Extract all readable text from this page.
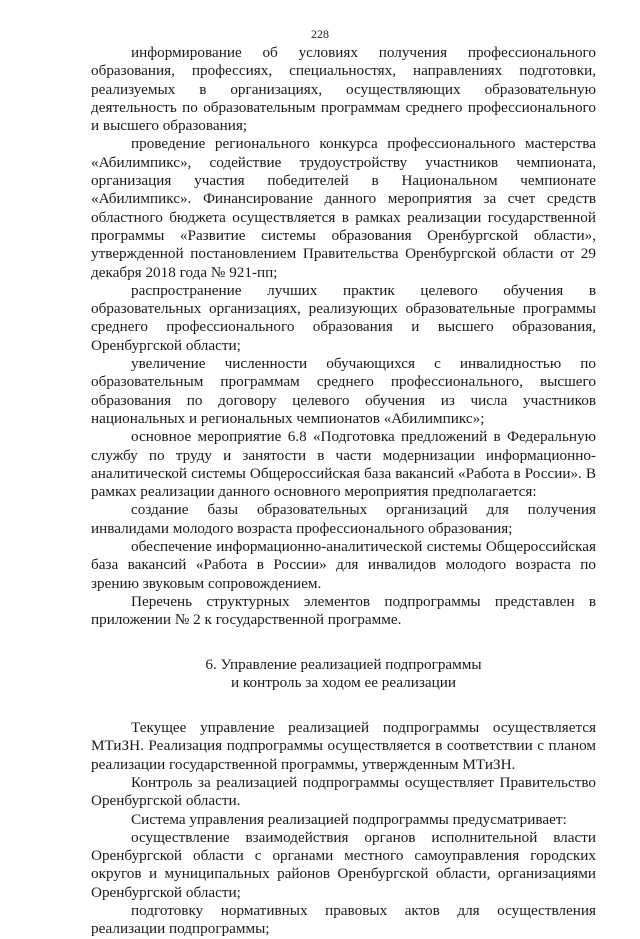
228

информирование об условиях получения профессионального образования, профессиях, специальностях, направлениях подготовки, реализуемых в организациях, осуществляющих образовательную деятельность по образовательным программам среднего профессионального и высшего образования;

проведение регионального конкурса профессионального мастерства «Абилимпикс», содействие трудоустройству участников чемпионата, организация участия победителей в Национальном чемпионате «Абилимпикс». Финансирование данного мероприятия за счет средств областного бюджета осуществляется в рамках реализации государственной программы «Развитие системы образования Оренбургской области», утвержденной постановлением Правительства Оренбургской области от 29 декабря 2018 года № 921-пп;

распространение лучших практик целевого обучения в образовательных организациях, реализующих образовательные программы среднего профессионального образования и высшего образования, Оренбургской области;

увеличение численности обучающихся с инвалидностью по образовательным программам среднего профессионального, высшего образования по договору целевого обучения из числа участников национальных и региональных чемпионатов «Абилимпикс»;

основное мероприятие 6.8 «Подготовка предложений в Федеральную службу по труду и занятости в части модернизации информационно-аналитической системы Общероссийская база вакансий «Работа в России». В рамках реализации данного основного мероприятия предполагается:

создание базы образовательных организаций для получения инвалидами молодого возраста профессионального образования;

обеспечение информационно-аналитической системы Общероссийская база вакансий «Работа в России» для инвалидов молодого возраста по зрению звуковым сопровождением.

Перечень структурных элементов подпрограммы представлен в приложении № 2 к государственной программе.

6. Управление реализацией подпрограммы
и контроль за ходом ее реализации

Текущее управление реализацией подпрограммы осуществляется МТиЗН. Реализация подпрограммы осуществляется в соответствии с планом реализации государственной программы, утвержденным МТиЗН.

Контроль за реализацией подпрограммы осуществляет Правительство Оренбургской области.

Система управления реализацией подпрограммы предусматривает:

осуществление взаимодействия органов исполнительной власти Оренбургской области с органами местного самоуправления городских округов и муниципальных районов Оренбургской области, организациями Оренбургской области;

подготовку нормативных правовых актов для осуществления реализации подпрограммы;
